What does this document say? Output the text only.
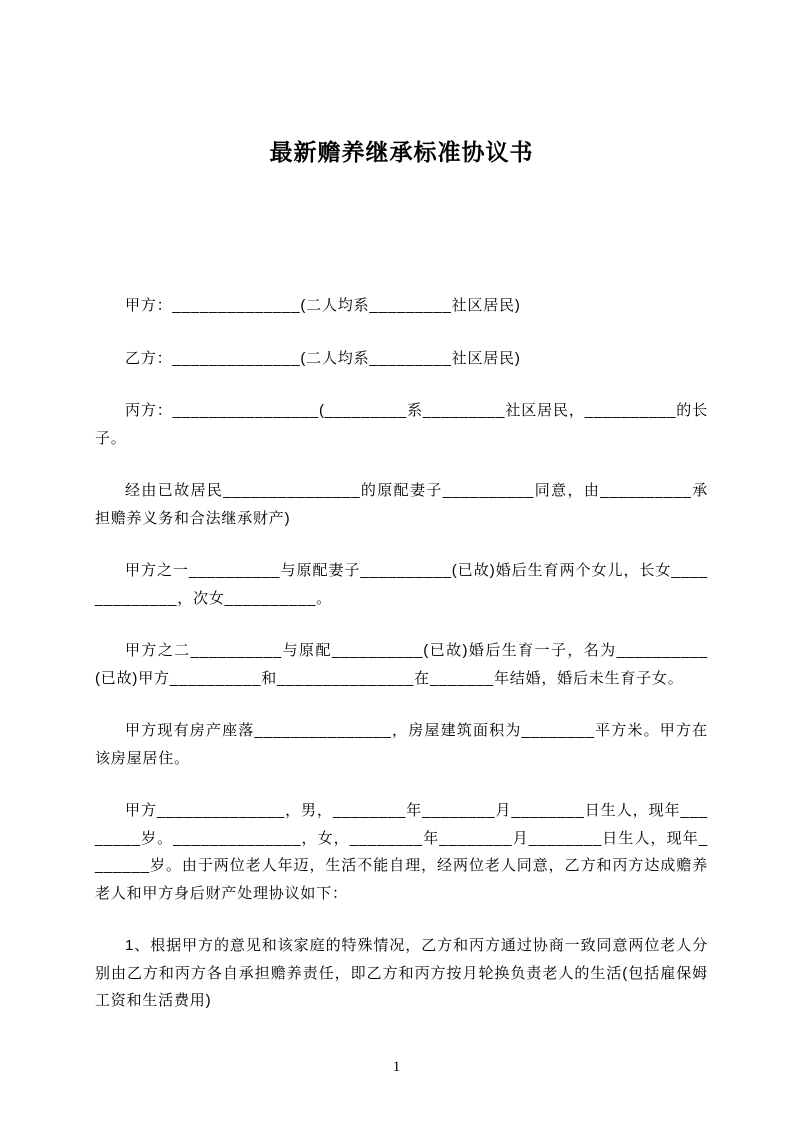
最新赡养继承标准协议书

甲方：______________(二人均系_________社区居民)

乙方：______________(二人均系_________社区居民)

丙方：________________(_________系_________社区居民，__________的长子。

经由已故居民_______________的原配妻子__________同意，由__________承担赡养义务和合法继承财产)

甲方之一__________与原配妻子__________(已故)婚后生育两个女儿，长女_____________，次女__________。

甲方之二__________与原配__________(已故)婚后生育一子，名为__________(已故)甲方__________和_______________在_______年结婚，婚后未生育子女。

甲方现有房产座落_______________，房屋建筑面积为________平方米。甲方在该房屋居住。

甲方______________，男，________年________月________日生人，现年________岁。______________，女，________年________月________日生人，现年_______岁。由于两位老人年迈，生活不能自理，经两位老人同意，乙方和丙方达成赡养老人和甲方身后财产处理协议如下：

1、根据甲方的意见和该家庭的特殊情况，乙方和丙方通过协商一致同意两位老人分别由乙方和丙方各自承担赡养责任，即乙方和丙方按月轮换负责老人的生活(包括雇保姆工资和生活费用)

1
